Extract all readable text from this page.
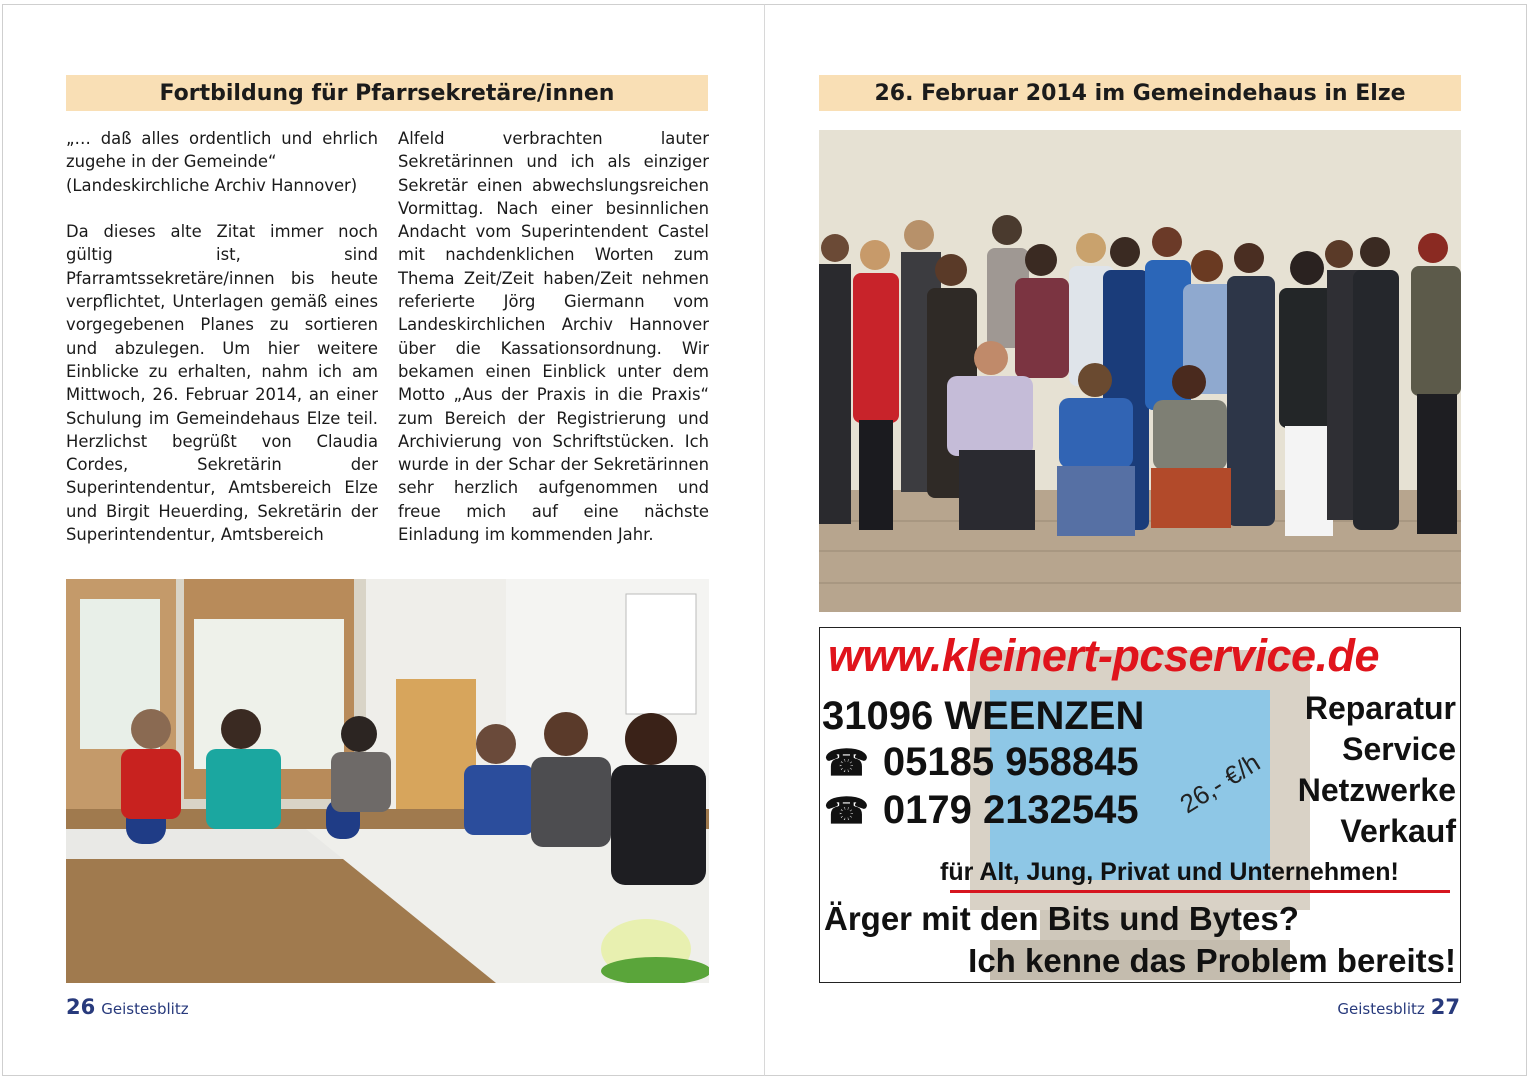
Fortbildung für Pfarrsekretäre/innen
„… daß alles ordentlich und ehrlich zugehe in der Gemeinde“
(Landeskirchliche Archiv Hannover)

Da dieses alte Zitat immer noch gültig ist, sind Pfarramtssekretäre/innen bis heute verpflichtet, Unterlagen gemäß eines vorgegebenen Planes zu sortieren und abzulegen. Um hier weitere Einblicke zu erhalten, nahm ich am Mittwoch, 26. Februar 2014, an einer Schulung im Gemeindehaus Elze teil. Herzlichst begrüßt von Claudia Cordes, Sekretärin der Superintendentur, Amtsbereich Elze und Birgit Heuerding, Sekretärin der Superintendentur, Amtsbereich
Alfeld verbrachten lauter Sekretärinnen und ich als einziger Sekretär einen abwechslungsreichen Vormittag. Nach einer besinnlichen Andacht vom Superintendent Castel mit nachdenklichen Worten zum Thema Zeit/Zeit haben/Zeit nehmen referierte Jörg Giermann vom Landeskirchlichen Archiv Hannover über die Kassationsordnung. Wir bekamen einen Einblick unter dem Motto „Aus der Praxis in die Praxis“ zum Bereich der Registrierung und Archivierung von Schriftstücken. Ich wurde in der Schar der Sekretärinnen sehr herzlich aufgenommen und freue mich auf eine nächste Einladung im kommenden Jahr.
26 Geistesblitz
26. Februar 2014 im Gemeindehaus in Elze
www.kleinert-pcservice.de
31096 WEENZEN
☎ 05185 958845
☎ 0179 2132545 26,- €/h
Reparatur
Service
Netzwerke
Verkauf
für Alt, Jung, Privat und Unternehmen!
Ärger mit den Bits und Bytes?
Ich kenne das Problem bereits!
Geistesblitz 27
